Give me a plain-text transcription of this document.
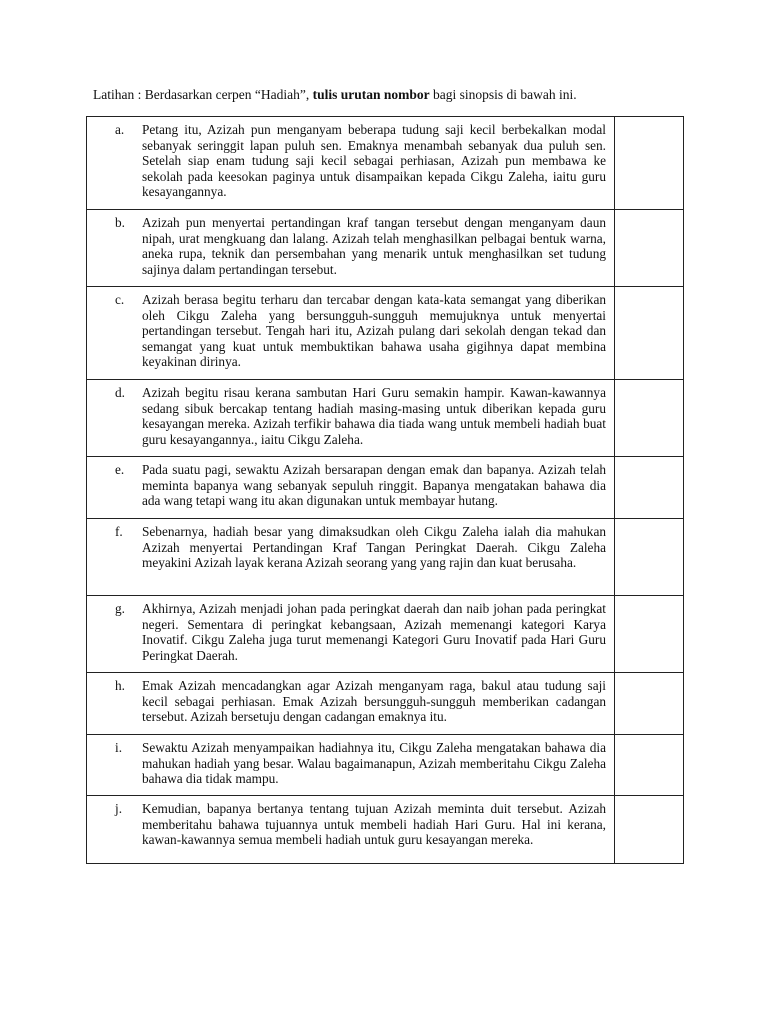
Latihan : Berdasarkan cerpen “Hadiah”, tulis urutan nombor bagi sinopsis di bawah ini.
a. Petang itu, Azizah pun menganyam beberapa tudung saji kecil berbekalkan modal sebanyak seringgit lapan puluh sen. Emaknya menambah sebanyak dua puluh sen. Setelah siap enam tudung saji kecil sebagai perhiasan, Azizah pun membawa ke sekolah pada keesokan paginya untuk disampaikan kepada Cikgu Zaleha, iaitu guru kesayangannya.	

b. Azizah pun menyertai pertandingan kraf tangan tersebut dengan menganyam daun nipah, urat mengkuang dan lalang. Azizah telah menghasilkan pelbagai bentuk warna, aneka rupa, teknik dan persembahan yang menarik untuk menghasilkan set tudung sajinya dalam pertandingan tersebut.	

c. Azizah berasa begitu terharu dan tercabar dengan kata-kata semangat yang diberikan oleh Cikgu Zaleha yang bersungguh-sungguh memujuknya untuk menyertai pertandingan tersebut. Tengah hari itu, Azizah pulang dari sekolah dengan tekad dan semangat yang kuat untuk membuktikan bahawa usaha gigihnya dapat membina keyakinan dirinya.	

d. Azizah begitu risau kerana sambutan Hari Guru semakin hampir. Kawan-kawannya sedang sibuk bercakap tentang hadiah masing-masing untuk diberikan kepada guru kesayangan mereka. Azizah terfikir bahawa dia tiada wang untuk membeli hadiah buat guru kesayangannya., iaitu Cikgu Zaleha.	

e. Pada suatu pagi, sewaktu Azizah bersarapan dengan emak dan bapanya. Azizah telah meminta bapanya wang sebanyak sepuluh ringgit. Bapanya mengatakan bahawa dia ada wang tetapi wang itu akan digunakan untuk membayar hutang.	

f. Sebenarnya, hadiah besar yang dimaksudkan oleh Cikgu Zaleha ialah dia mahukan Azizah menyertai Pertandingan Kraf Tangan Peringkat Daerah. Cikgu Zaleha meyakini Azizah layak kerana Azizah seorang yang yang rajin dan kuat berusaha.	

g. Akhirnya, Azizah menjadi johan pada peringkat daerah dan naib johan pada peringkat negeri. Sementara di peringkat kebangsaan, Azizah memenangi kategori Karya Inovatif. Cikgu Zaleha juga turut memenangi Kategori Guru Inovatif pada Hari Guru Peringkat Daerah.	

h. Emak Azizah mencadangkan agar Azizah menganyam raga, bakul atau tudung saji kecil sebagai perhiasan. Emak Azizah bersungguh-sungguh memberikan cadangan tersebut. Azizah bersetuju dengan cadangan emaknya itu.	

i. Sewaktu Azizah menyampaikan hadiahnya itu, Cikgu Zaleha mengatakan bahawa dia mahukan hadiah yang besar. Walau bagaimanapun, Azizah memberitahu Cikgu Zaleha bahawa dia tidak mampu.	

j. Kemudian, bapanya bertanya tentang tujuan Azizah meminta duit tersebut. Azizah memberitahu bahawa tujuannya untuk membeli hadiah Hari Guru. Hal ini kerana, kawan-kawannya semua membeli hadiah untuk guru kesayangan mereka.	
